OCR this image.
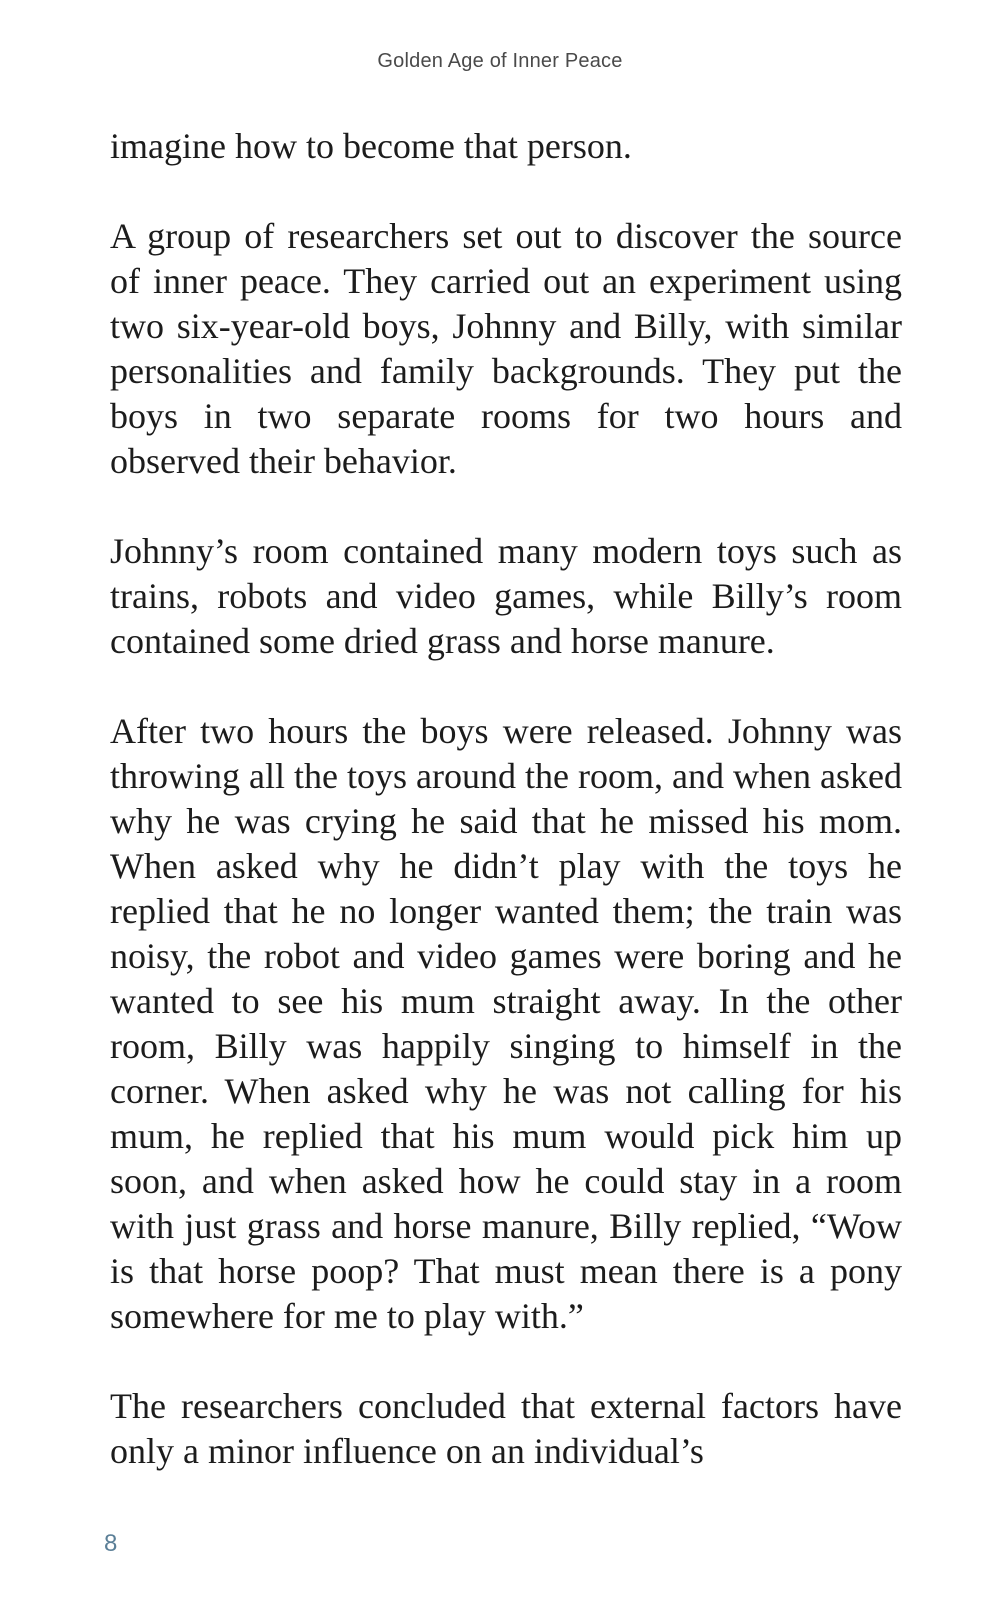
Golden Age of Inner Peace

imagine how to become that person.

A group of researchers set out to discover the source of inner peace. They carried out an experiment using two six-year-old boys, Johnny and Billy, with similar personalities and family backgrounds. They put the boys in two separate rooms for two hours and observed their behavior.

Johnny’s room contained many modern toys such as trains, robots and video games, while Billy’s room contained some dried grass and horse manure.

After two hours the boys were released. Johnny was throwing all the toys around the room, and when asked why he was crying he said that he missed his mom. When asked why he didn’t play with the toys he replied that he no longer wanted them; the train was noisy, the robot and video games were boring and he wanted to see his mum straight away. In the other room, Billy was happily singing to himself in the corner. When asked why he was not calling for his mum, he replied that his mum would pick him up soon, and when asked how he could stay in a room with just grass and horse manure, Billy replied, “Wow is that horse poop? That must mean there is a pony somewhere for me to play with.”

The researchers concluded that external factors have only a minor influence on an individual’s

8
